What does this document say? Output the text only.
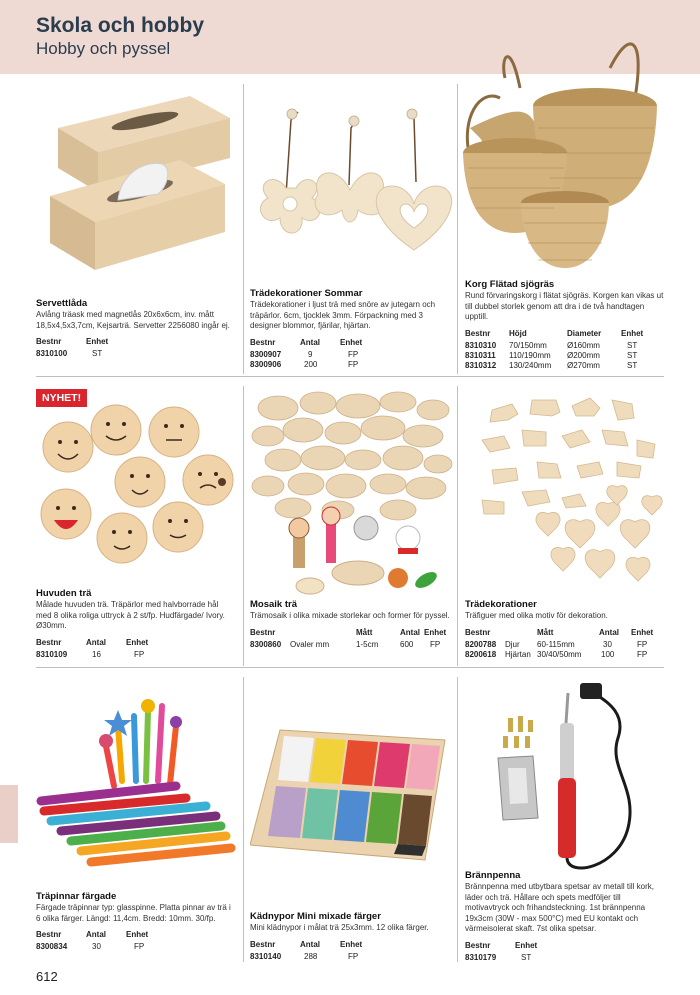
Skola och hobby
Hobby och pyssel
Servettlåda
Avlång träask med magnetlås 20x6x6cm, inv. mått 18,5x4,5x3,7cm, Kejsarträ. Servetter 2256080 ingår ej.
Bestnr	Enhet
8310100	ST
Trädekorationer Sommar
Trädekorationer i ljust trä med snöre av jutegarn och träpärlor. 6cm, tjocklek 3mm. Förpackning med 3 designer blommor, fjärilar, hjärtan.
Bestnr	Antal	Enhet
8300907	9	FP
8300906	200	FP
Korg Flätad sjögräs
Rund förvaringskorg i flätat sjögräs. Korgen kan vikas ut till dubbel storlek genom att dra i de två handtagen upptill.
Bestnr	Höjd	Diameter	Enhet
8310310	70/150mm	Ø160mm	ST
8310311	110/190mm	Ø200mm	ST
8310312	130/240mm	Ø270mm	ST
NYHET!
Huvuden trä
Målade huvuden trä. Träpärlor med halvborrade hål med 8 olika roliga uttryck à 2 st/fp. Hudfärgade/ Ivory. Ø30mm.
Bestnr	Antal	Enhet
8310109	16	FP
Mosaik trä
Trämosaik i olika mixade storlekar och former för pyssel.
Bestnr		Mått	Antal	Enhet
8300860	Ovaler mm	1-5cm	600	FP
Trädekorationer
Träfiguer med olika motiv för dekoration.
Bestnr		Mått	Antal	Enhet
8200788	Djur	60-115mm	30	FP
8200618	Hjärtan	30/40/50mm	100	FP
Träpinnar färgade
Färgade träpinnar typ: glasspinne. Platta pinnar av trä i 6 olika färger. Längd: 11,4cm. Bredd: 10mm. 30/fp.
Bestnr	Antal	Enhet
8300834	30	FP
Kädnypor Mini mixade färger
Mini klädnypor i målat trä 25x3mm. 12 olika färger.
Bestnr	Antal	Enhet
8310140	288	FP
Brännpenna
Brännpenna med utbytbara spetsar av metall till kork, läder och trä. Hållare och spets medföljer till motivavtryck och frihandsteckning. 1st brännpenna 19x3cm (30W - max 500°C) med EU kontakt och värmeisolerat skaft. 7st olika spetsar.
Bestnr	Enhet
8310179	ST
612
